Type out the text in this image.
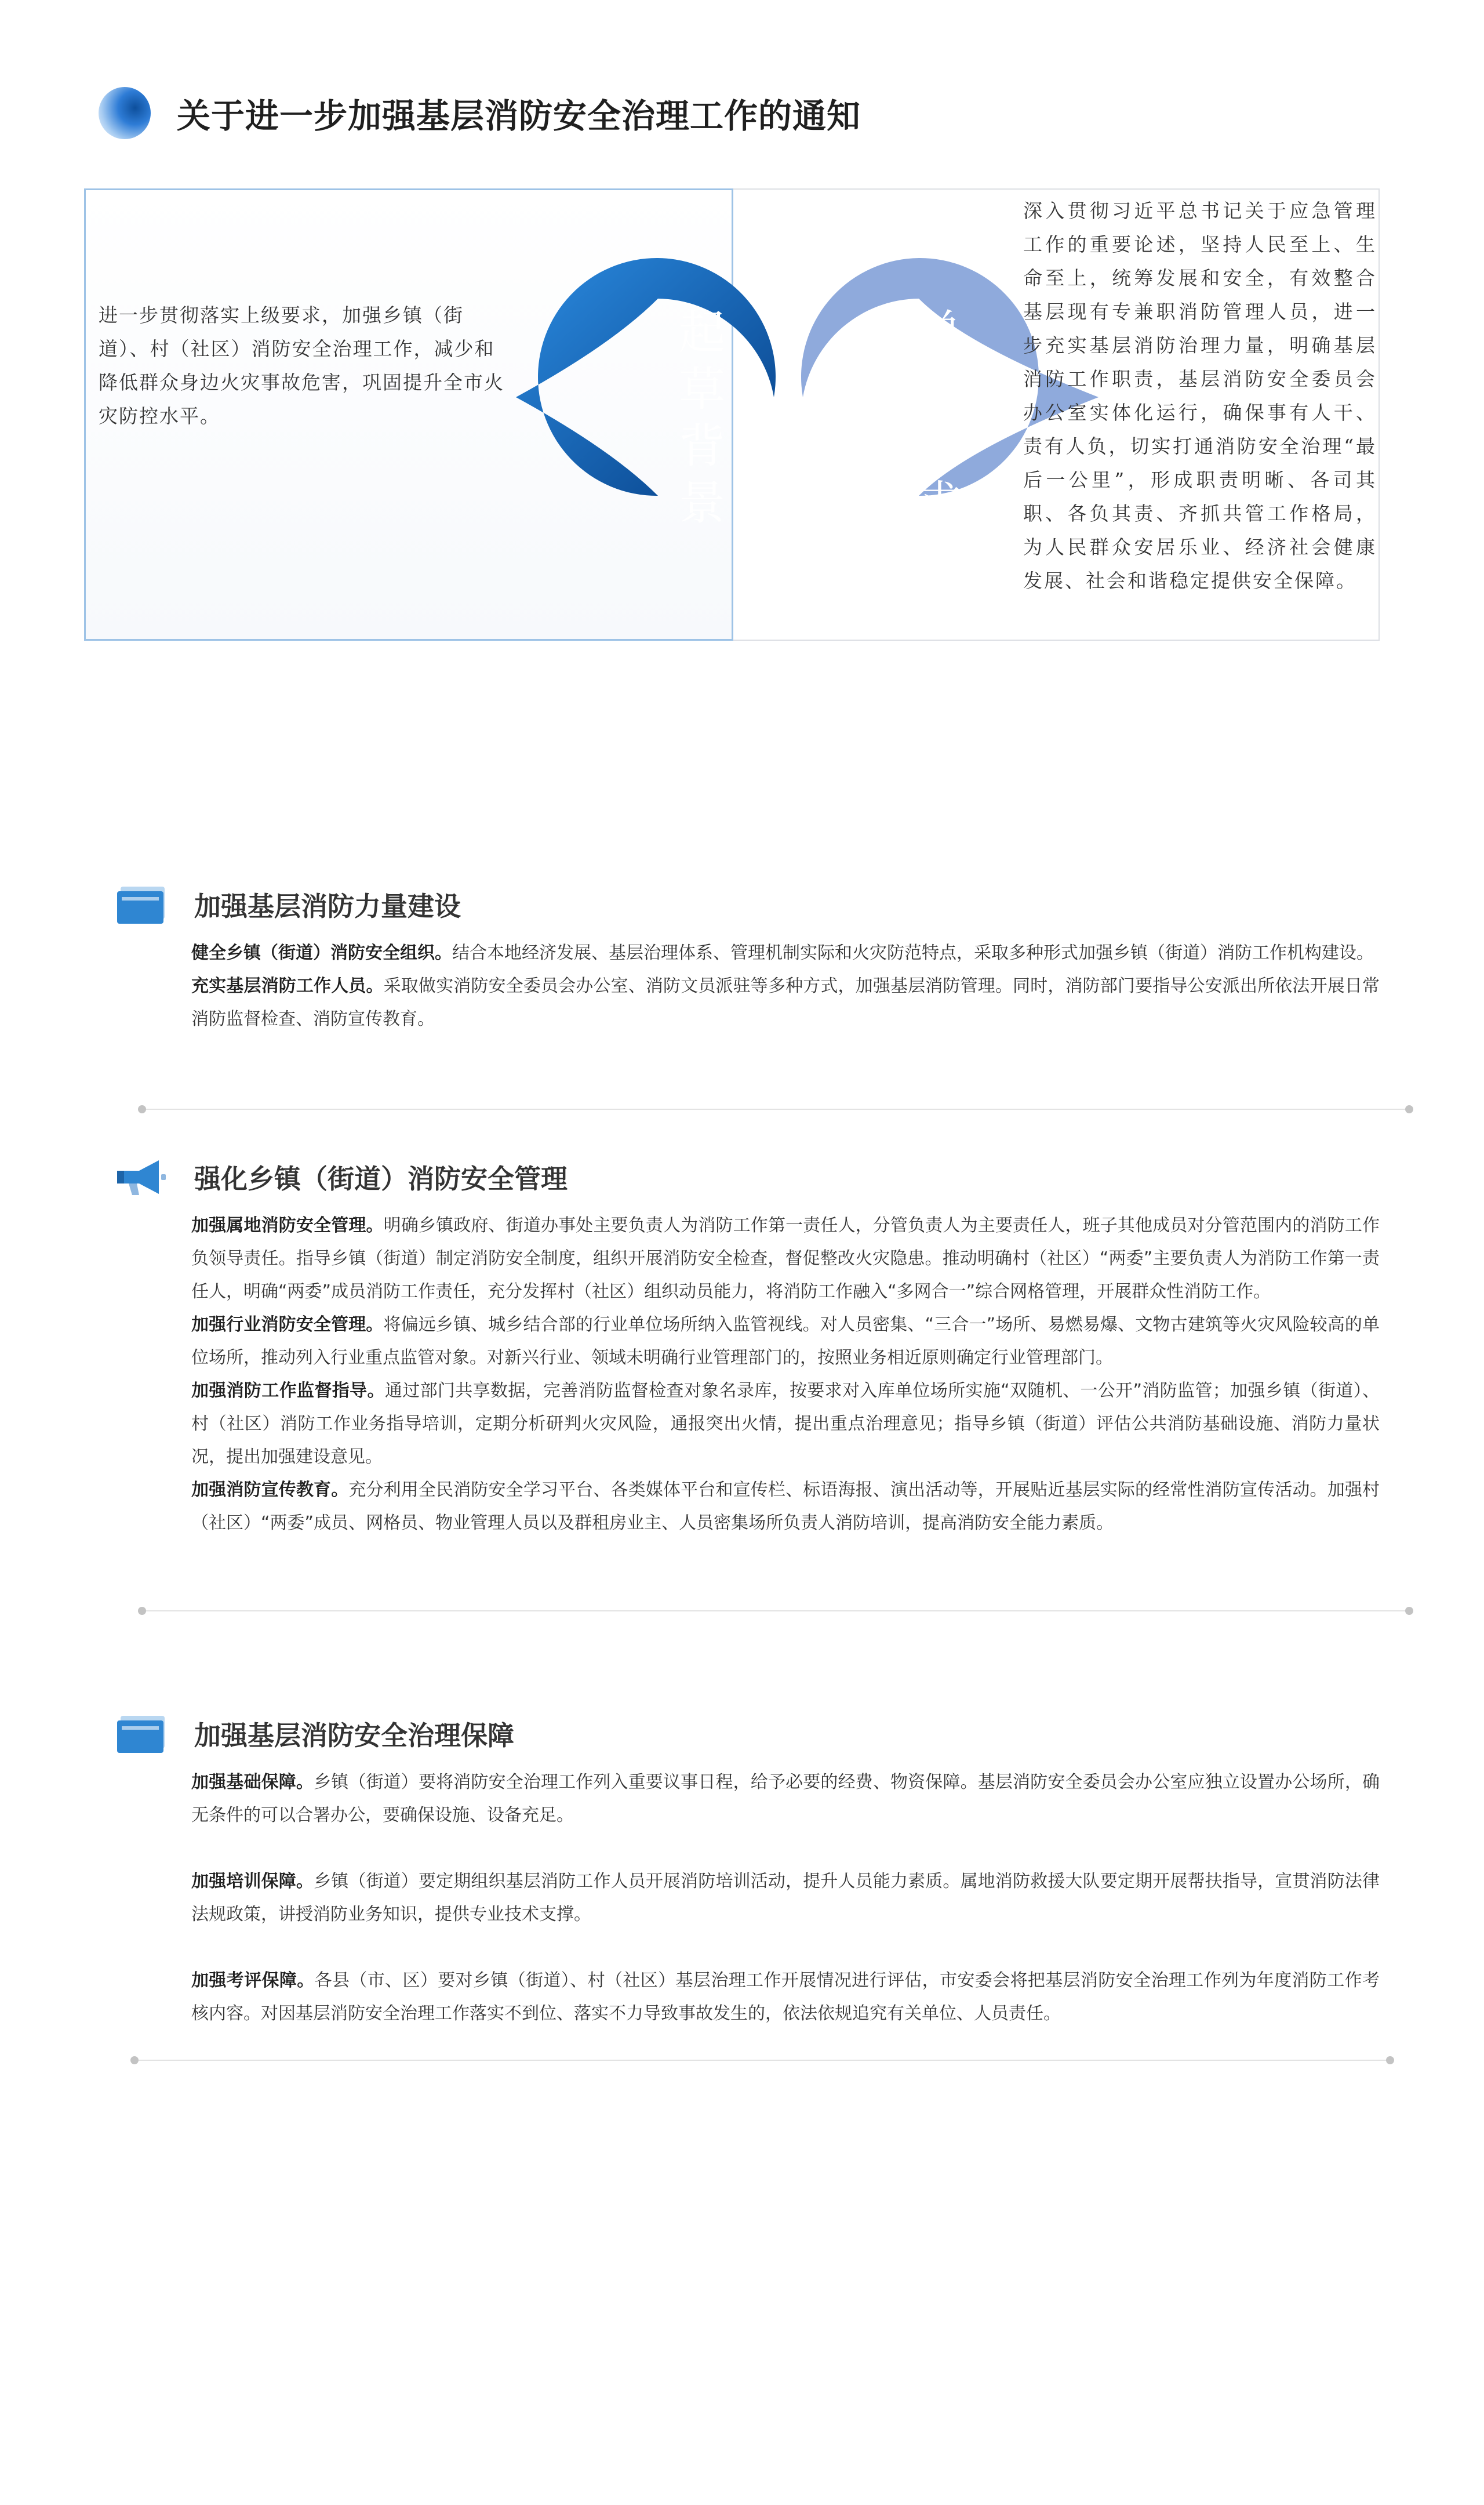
关于进一步加强基层消防安全治理工作的通知

进一步贯彻落实上级要求，加强乡镇（街道）、村（社区）消防安全治理工作，减少和降低群众身边火灾事故危害，巩固提升全市火灾防控水平。

起草
背景
总体
要求

深入贯彻习近平总书记关于应急管理工作的重要论述，坚持人民至上、生命至上，统筹发展和安全，有效整合基层现有专兼职消防管理人员，进一步充实基层消防治理力量，明确基层消防工作职责，基层消防安全委员会办公室实体化运行，确保事有人干、责有人负，切实打通消防安全治理“最后一公里”，形成职责明晰、各司其职、各负其责、齐抓共管工作格局，为人民群众安居乐业、经济社会健康发展、社会和谐稳定提供安全保障。

加强基层消防力量建设

健全乡镇（街道）消防安全组织。结合本地经济发展、基层治理体系、管理机制实际和火灾防范特点，采取多种形式加强乡镇（街道）消防工作机构建设。

充实基层消防工作人员。采取做实消防安全委员会办公室、消防文员派驻等多种方式，加强基层消防管理。同时，消防部门要指导公安派出所依法开展日常消防监督检查、消防宣传教育。

强化乡镇（街道）消防安全管理

加强属地消防安全管理。明确乡镇政府、街道办事处主要负责人为消防工作第一责任人，分管负责人为主要责任人，班子其他成员对分管范围内的消防工作负领导责任。指导乡镇（街道）制定消防安全制度，组织开展消防安全检查，督促整改火灾隐患。推动明确村（社区）“两委”主要负责人为消防工作第一责任人，明确“两委”成员消防工作责任，充分发挥村（社区）组织动员能力，将消防工作融入“多网合一”综合网格管理，开展群众性消防工作。

加强行业消防安全管理。将偏远乡镇、城乡结合部的行业单位场所纳入监管视线。对人员密集、“三合一”场所、易燃易爆、文物古建筑等火灾风险较高的单位场所，推动列入行业重点监管对象。对新兴行业、领域未明确行业管理部门的，按照业务相近原则确定行业管理部门。

加强消防工作监督指导。通过部门共享数据，完善消防监督检查对象名录库，按要求对入库单位场所实施“双随机、一公开”消防监管；加强乡镇（街道）、村（社区）消防工作业务指导培训，定期分析研判火灾风险，通报突出火情，提出重点治理意见；指导乡镇（街道）评估公共消防基础设施、消防力量状况，提出加强建设意见。

加强消防宣传教育。充分利用全民消防安全学习平台、各类媒体平台和宣传栏、标语海报、演出活动等，开展贴近基层实际的经常性消防宣传活动。加强村（社区）“两委”成员、网格员、物业管理人员以及群租房业主、人员密集场所负责人消防培训，提高消防安全能力素质。

加强基层消防安全治理保障

加强基础保障。乡镇（街道）要将消防安全治理工作列入重要议事日程，给予必要的经费、物资保障。基层消防安全委员会办公室应独立设置办公场所，确无条件的可以合署办公，要确保设施、设备充足。

加强培训保障。乡镇（街道）要定期组织基层消防工作人员开展消防培训活动，提升人员能力素质。属地消防救援大队要定期开展帮扶指导，宣贯消防法律法规政策，讲授消防业务知识，提供专业技术支撑。

加强考评保障。各县（市、区）要对乡镇（街道）、村（社区）基层治理工作开展情况进行评估，市安委会将把基层消防安全治理工作列为年度消防工作考核内容。对因基层消防安全治理工作落实不到位、落实不力导致事故发生的，依法依规追究有关单位、人员责任。
